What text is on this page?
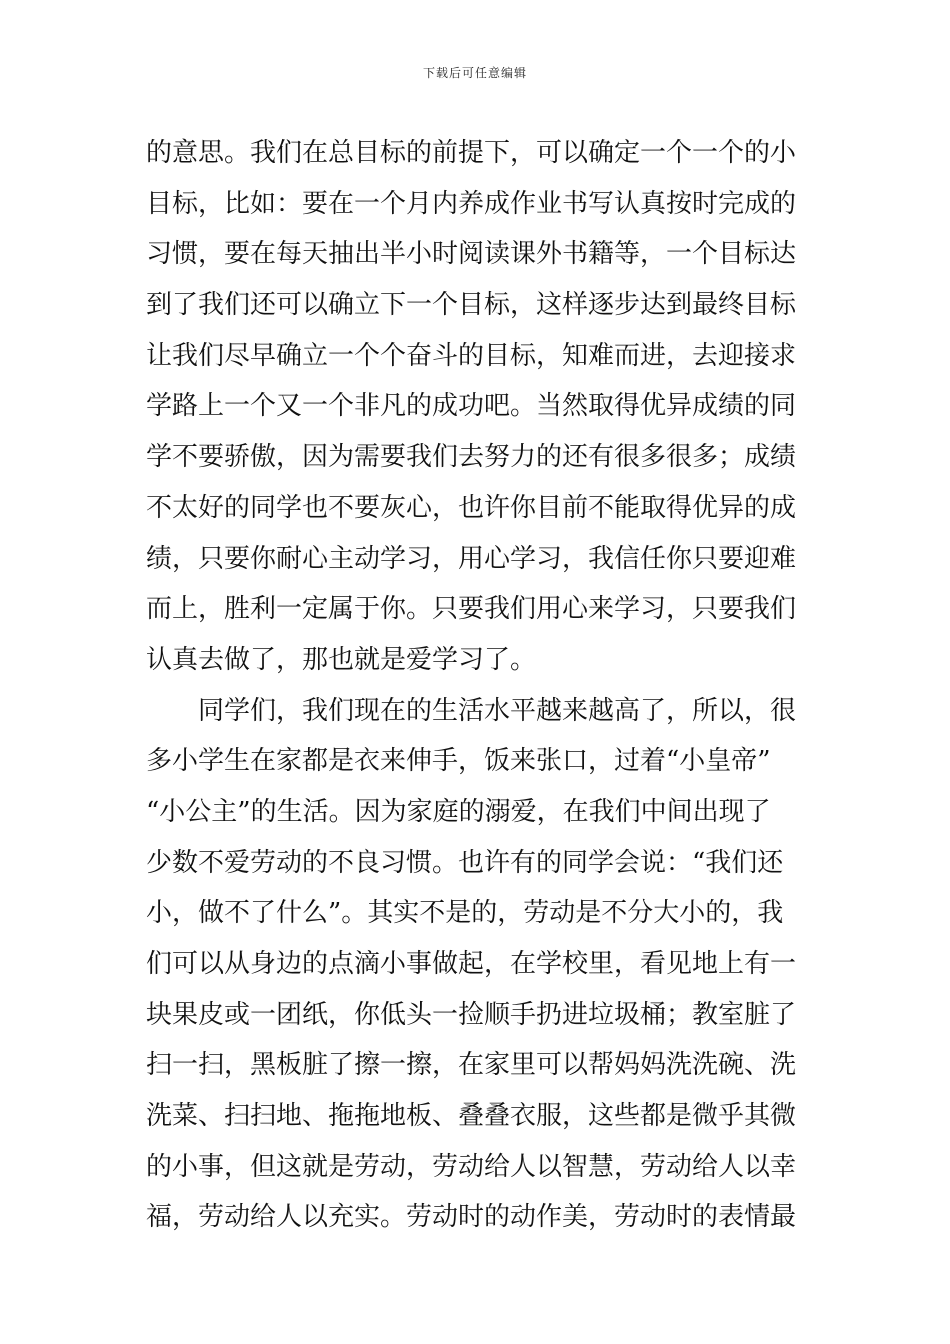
下载后可任意编辑
的意思。我们在总目标的前提下，可以确定一个一个的小
目标，比如：要在一个月内养成作业书写认真按时完成的
习惯，要在每天抽出半小时阅读课外书籍等，一个目标达
到了我们还可以确立下一个目标，这样逐步达到最终目标
让我们尽早确立一个个奋斗的目标，知难而进，去迎接求
学路上一个又一个非凡的成功吧。当然取得优异成绩的同
学不要骄傲，因为需要我们去努力的还有很多很多；成绩
不太好的同学也不要灰心，也许你目前不能取得优异的成
绩，只要你耐心主动学习，用心学习，我信任你只要迎难
而上，胜利一定属于你。只要我们用心来学习，只要我们
认真去做了，那也就是爱学习了。
同学们，我们现在的生活水平越来越高了，所以，很
多小学生在家都是衣来伸手，饭来张口，过着“小皇帝”
“小公主”的生活。因为家庭的溺爱，在我们中间出现了
少数不爱劳动的不良习惯。也许有的同学会说：“我们还
小，做不了什么”。其实不是的，劳动是不分大小的，我
们可以从身边的点滴小事做起，在学校里，看见地上有一
块果皮或一团纸，你低头一捡顺手扔进垃圾桶；教室脏了
扫一扫，黑板脏了擦一擦，在家里可以帮妈妈洗洗碗、洗
洗菜、扫扫地、拖拖地板、叠叠衣服，这些都是微乎其微
的小事，但这就是劳动，劳动给人以智慧，劳动给人以幸
福，劳动给人以充实。劳动时的动作美，劳动时的表情最
